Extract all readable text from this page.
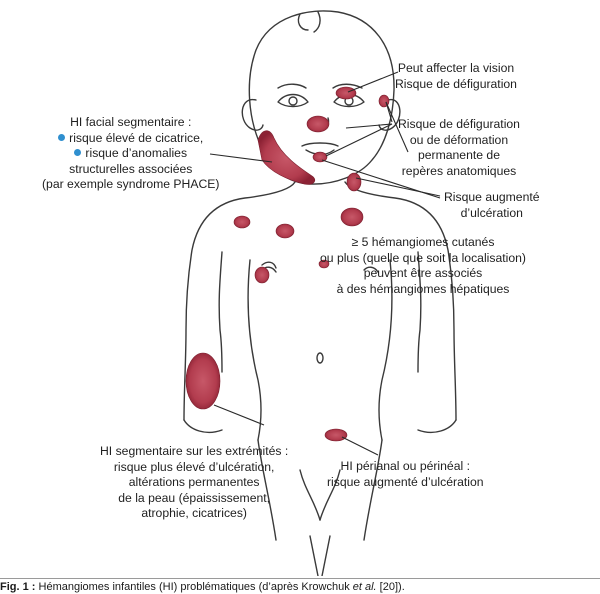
Peut affecter la vision
Risque de défiguration
HI facial segmentaire :
risque élevé de cicatrice,
risque d’anomalies
structurelles associées
(par exemple syndrome PHACE)
Risque de défiguration
ou de déformation
permanente de
repères anatomiques
Risque augmenté
d’ulcération
≥ 5 hémangiomes cutanés
ou plus (quelle que soit la localisation)
peuvent être associés
à des hémangiomes hépatiques
HI segmentaire sur les extrémités :
risque plus élevé d’ulcération,
altérations permanentes
de la peau (épaississement,
atrophie, cicatrices)
HI périanal ou périnéal :
risque augmenté d’ulcération
Fig. 1 : Hémangiomes infantiles (HI) problématiques (d’après Krowchuk et al. [20]).
